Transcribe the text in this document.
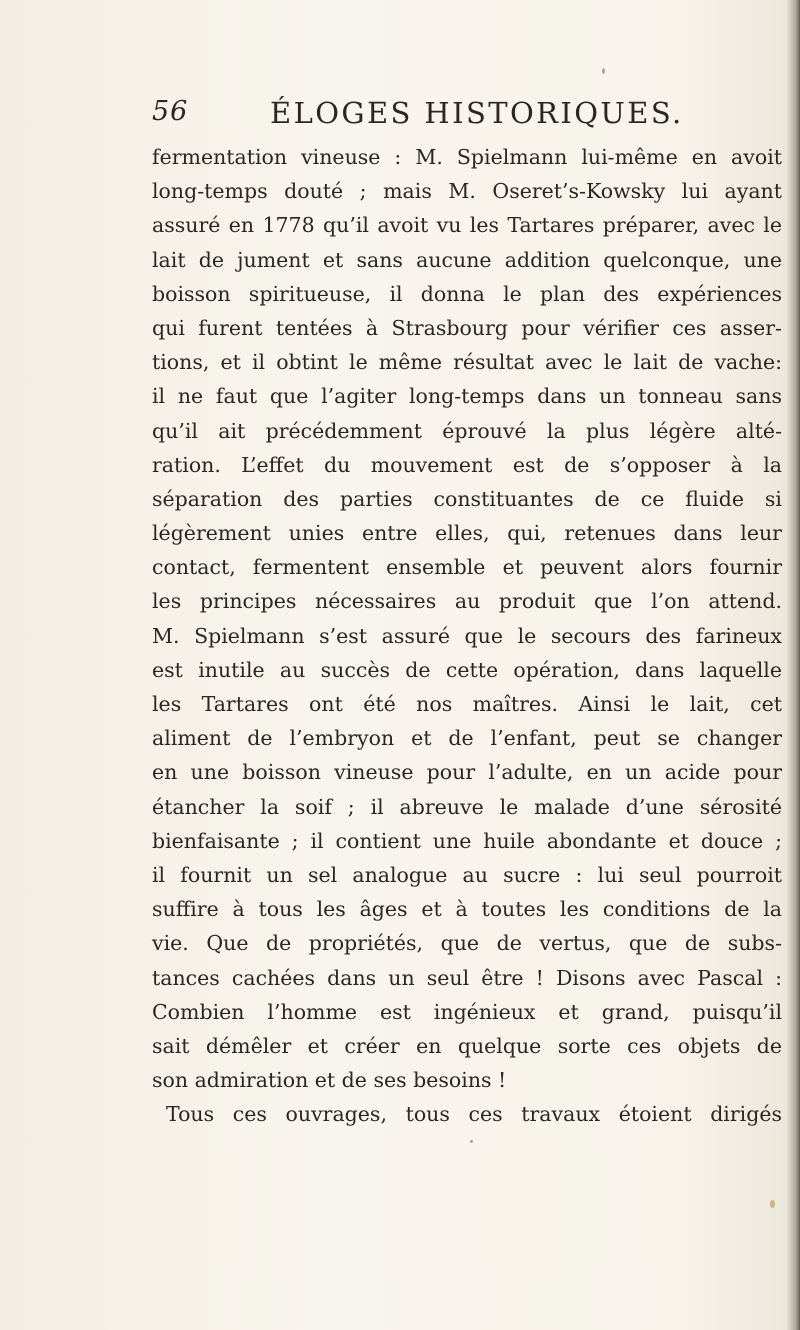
56	ÉLOGES HISTORIQUES.
fermentation vineuse : M. Spielmann lui-même en avoit
long-temps douté ; mais M. Oseret’s-Kowsky lui ayant
assuré en 1778 qu’il avoit vu les Tartares préparer, avec le
lait de jument et sans aucune addition quelconque, une
boisson spiritueuse, il donna le plan des expériences
qui furent tentées à Strasbourg pour vérifier ces asser-
tions, et il obtint le même résultat avec le lait de vache:
il ne faut que l’agiter long-temps dans un tonneau sans
qu’il ait précédemment éprouvé la plus légère alté-
ration. L’effet du mouvement est de s’opposer à la
séparation des parties constituantes de ce fluide si
légèrement unies entre elles, qui, retenues dans leur
contact, fermentent ensemble et peuvent alors fournir
les principes nécessaires au produit que l’on attend.
M. Spielmann s’est assuré que le secours des farineux
est inutile au succès de cette opération, dans laquelle
les Tartares ont été nos maîtres. Ainsi le lait, cet
aliment de l’embryon et de l’enfant, peut se changer
en une boisson vineuse pour l’adulte, en un acide pour
étancher la soif ; il abreuve le malade d’une sérosité
bienfaisante ; il contient une huile abondante et douce ;
il fournit un sel analogue au sucre : lui seul pourroit
suffire à tous les âges et à toutes les conditions de la
vie. Que de propriétés, que de vertus, que de subs-
tances cachées dans un seul être ! Disons avec Pascal :
Combien l’homme est ingénieux et grand, puisqu’il
sait démêler et créer en quelque sorte ces objets de
son admiration et de ses besoins !
Tous ces ouvrages, tous ces travaux étoient dirigés
